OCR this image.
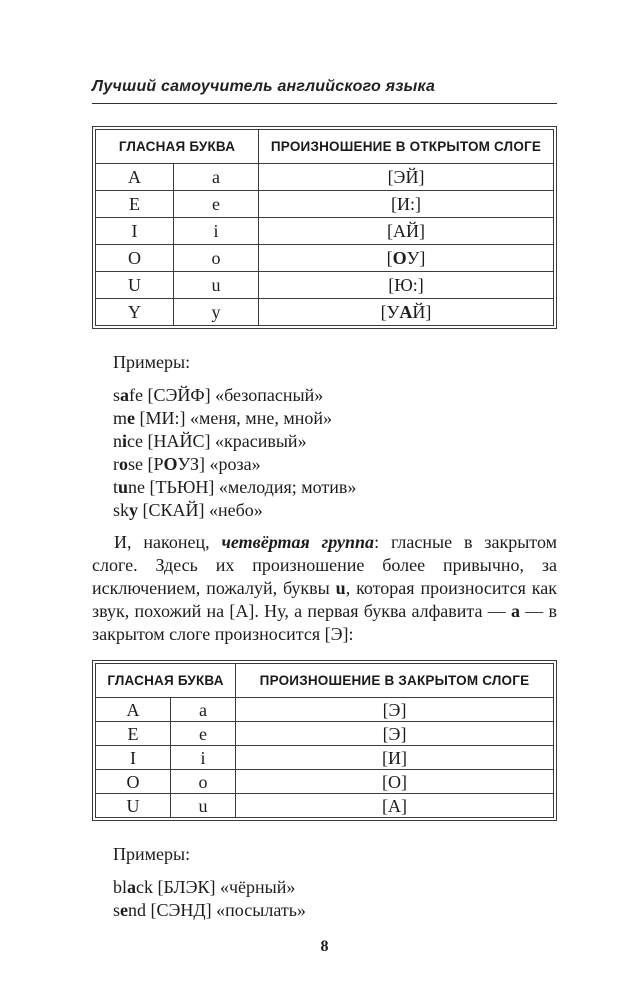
Лучший самоучитель английского языка
ГЛАСНАЯ БУКВА		ПРОИЗНОШЕНИЕ В ОТКРЫТОМ СЛОГЕ
A	a	[ЭЙ]
E	e	[И:]
I	i	[АЙ]
O	o	[ОУ]
U	u	[Ю:]
Y	y	[УАЙ]

Примеры:

safe [СЭЙФ] «безопасный»
me [МИ:] «меня, мне, мной»
nice [НАЙС] «красивый»
rose [РОУЗ] «роза»
tune [ТЬЮН] «мелодия; мотив»
sky [СКАЙ] «небо»

И, наконец, четвёртая группа: гласные в закрытом слоге. Здесь их произношение более привычно, за исключением, пожалуй, буквы u, которая произносится как звук, похожий на [А]. Ну, а первая буква алфавита — а — в закрытом слоге произносится [Э]:

ГЛАСНАЯ БУКВА		ПРОИЗНОШЕНИЕ В ЗАКРЫТОМ СЛОГЕ
A	a	[Э]
E	e	[Э]
I	i	[И]
O	o	[О]
U	u	[А]

Примеры:

black [БЛЭК] «чёрный»
send [СЭНД] «посылать»
8
